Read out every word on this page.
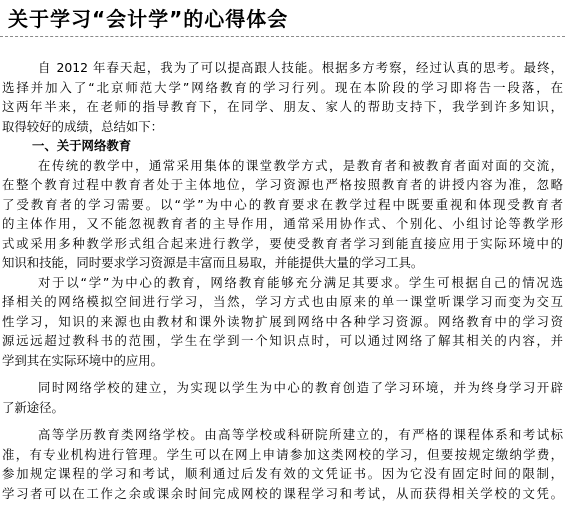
关于学习“会计学”的心得体会
自 2012 年春天起，我为了可以提高跟人技能。根据多方考察，经过认真的思考。最终，
选择并加入了“北京师范大学”网络教育的学习行列。现在本阶段的学习即将告一段落，在
这两年半来，在老师的指导教育下，在同学、朋友、家人的帮助支持下，我学到许多知识，
取得较好的成绩，总结如下：
一、关于网络教育
在传统的教学中，通常采用集体的课堂教学方式，是教育者和被教育者面对面的交流，
在整个教育过程中教育者处于主体地位，学习资源也严格按照教育者的讲授内容为准，忽略
了受教育者的学习需要。以“学”为中心的教育要求在教学过程中既要重视和体现受教育者
的主体作用，又不能忽视教育者的主导作用，通常采用协作式、个别化、小组讨论等教学形
式或采用多种教学形式组合起来进行教学，要使受教育者学习到能直接应用于实际环境中的
知识和技能，同时要求学习资源是丰富而且易取，并能提供大量的学习工具。
对于以“学”为中心的教育，网络教育能够充分满足其要求。学生可根据自己的情况选
择相关的网络模拟空间进行学习，当然，学习方式也由原来的单一课堂听课学习而变为交互
性学习，知识的来源也由教材和课外读物扩展到网络中各种学习资源。网络教育中的学习资
源远远超过教科书的范围，学生在学到一个知识点时，可以通过网络了解其相关的内容，并
学到其在实际环境中的应用。
同时网络学校的建立，为实现以学生为中心的教育创造了学习环境，并为终身学习开辟
了新途径。
高等学历教育类网络学校。由高等学校或科研院所建立的，有严格的课程体系和考试标
准，有专业机构进行管理。学生可以在网上申请参加这类网校的学习，但要按规定缴纳学费，
参加规定课程的学习和考试，顺利通过后发有效的文凭证书。因为它没有固定时间的限制，
学习者可以在工作之余或课余时间完成网校的课程学习和考试，从而获得相关学校的文凭。
